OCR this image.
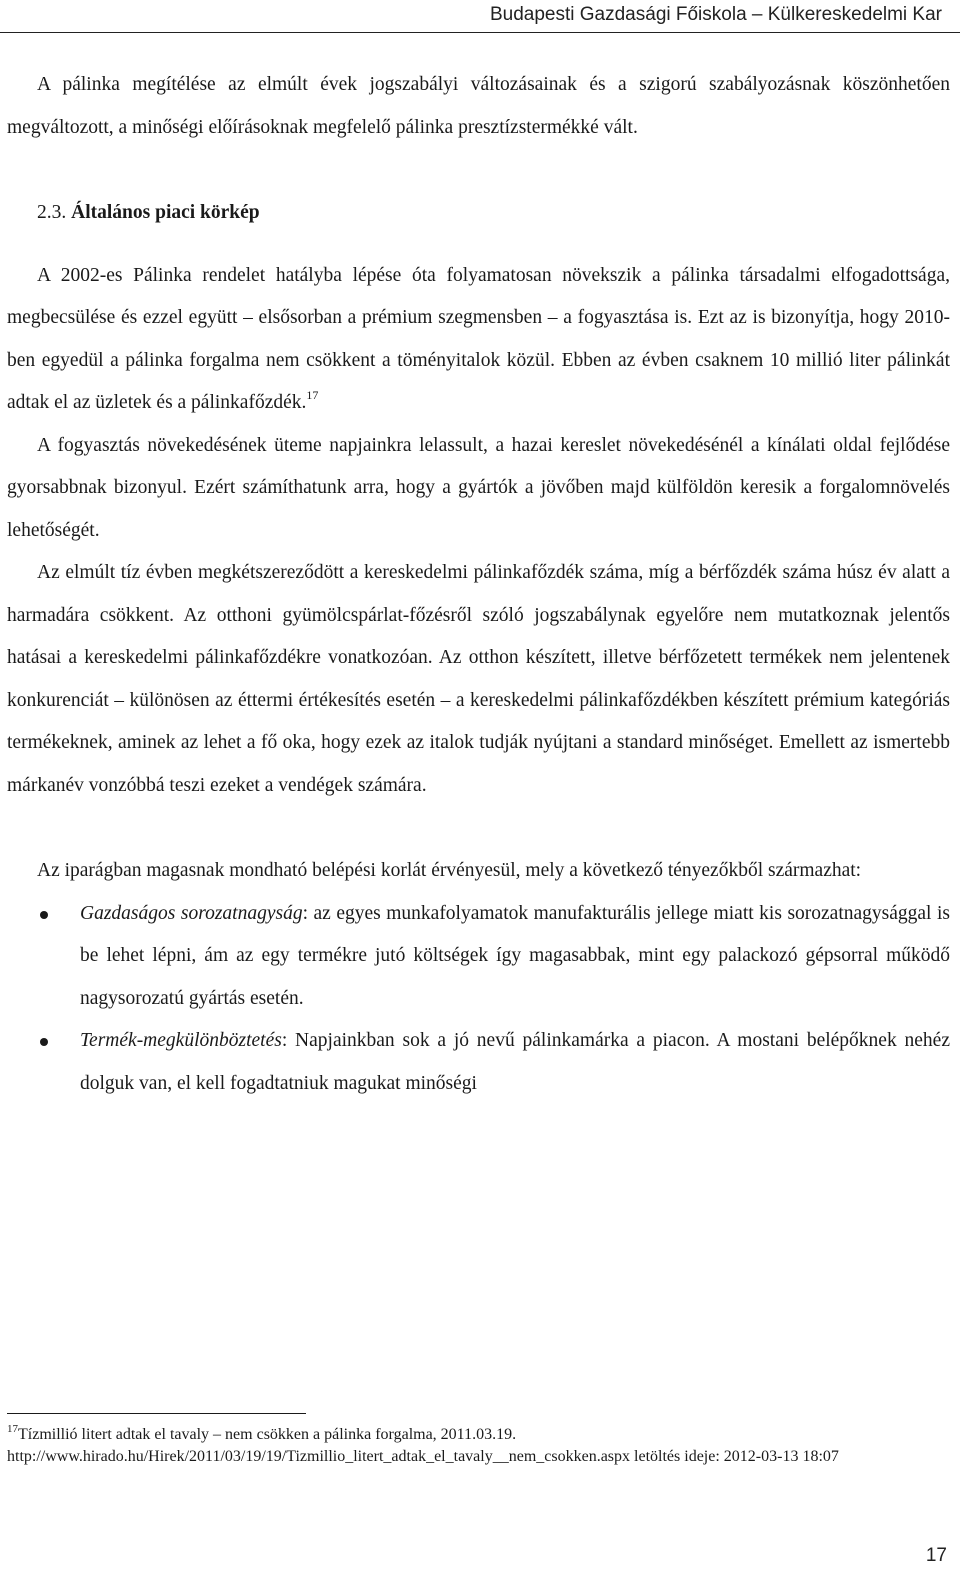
Budapesti Gazdasági Főiskola – Külkereskedelmi Kar

A pálinka megítélése az elmúlt évek jogszabályi változásainak és a szigorú szabályozásnak köszönhetően megváltozott, a minőségi előírásoknak megfelelő pálinka presztízstermékké vált.

2.3. Általános piaci körkép

A 2002-es Pálinka rendelet hatályba lépése óta folyamatosan növekszik a pálinka társadalmi elfogadottsága, megbecsülése és ezzel együtt – elsősorban a prémium szegmensben – a fogyasztása is. Ezt az is bizonyítja, hogy 2010-ben egyedül a pálinka forgalma nem csökkent a töményitalok közül. Ebben az évben csaknem 10 millió liter pálinkát adtak el az üzletek és a pálinkafőzdék.$^{17}$

A fogyasztás növekedésének üteme napjainkra lelassult, a hazai kereslet növekedésénél a kínálati oldal fejlődése gyorsabbnak bizonyul. Ezért számíthatunk arra, hogy a gyártók a jövőben majd külföldön keresik a forgalomnövelés lehetőségét.

Az elmúlt tíz évben megkétszereződött a kereskedelmi pálinkafőzdék száma, míg a bérfőzdék száma húsz év alatt a harmadára csökkent. Az otthoni gyümölcspárlat-főzésről szóló jogszabálynak egyelőre nem mutatkoznak jelentős hatásai a kereskedelmi pálinkafőzdékre vonatkozóan. Az otthon készített, illetve bérfőzetett termékek nem jelentenek konkurenciát – különösen az éttermi értékesítés esetén – a kereskedelmi pálinkafőzdékben készített prémium kategóriás termékeknek, aminek az lehet a fő oka, hogy ezek az italok tudják nyújtani a standard minőséget. Emellett az ismertebb márkanév vonzóbbá teszi ezeket a vendégek számára.

Az iparágban magasnak mondható belépési korlát érvényesül, mely a következő tényezőkből származhat:

Gazdaságos sorozatnagyság: az egyes munkafolyamatok manufakturális jellege miatt kis sorozatnagysággal is be lehet lépni, ám az egy termékre jutó költségek így magasabbak, mint egy palackozó gépsorral működő nagysorozatú gyártás esetén.
Termék-megkülönböztetés: Napjainkban sok a jó nevű pálinkamárka a piacon. A mostani belépőknek nehéz dolguk van, el kell fogadtatniuk magukat minőségi
$^{17}$Tízmillió litert adtak el tavaly – nem csökken a pálinka forgalma, 2011.03.19.
http://www.hirado.hu/Hirek/2011/03/19/19/Tizmillio_litert_adtak_el_tavaly__nem_csokken.aspx letöltés ideje: 2012-03-13 18:07
17
